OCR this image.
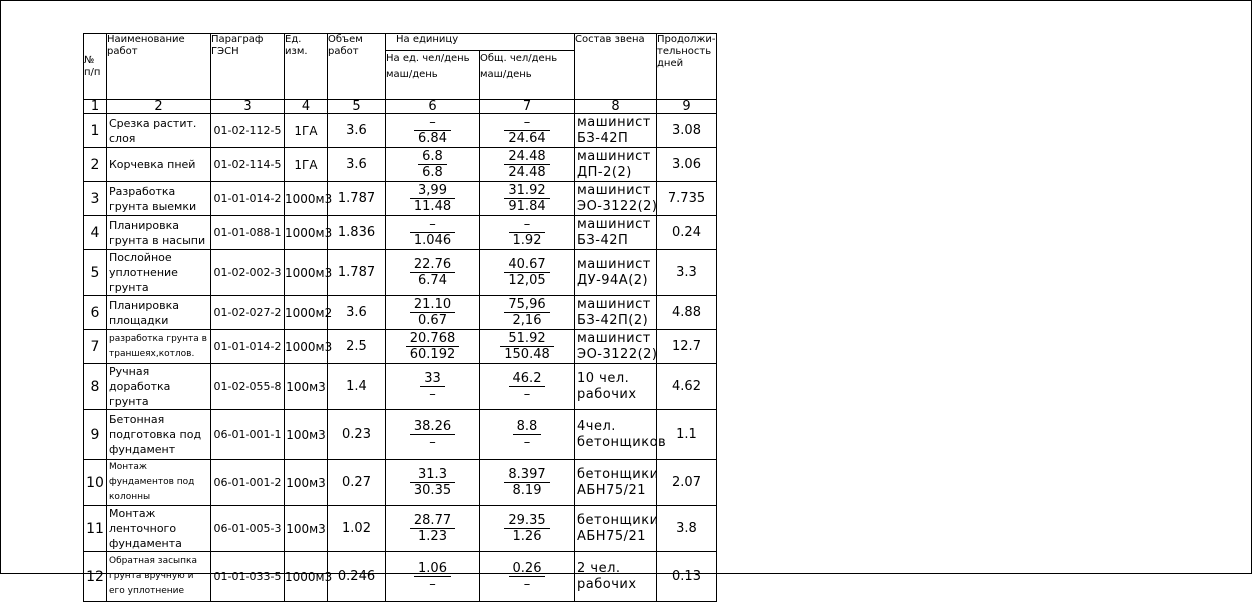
№ п/п	Наименование работ	Параграф ГЭСН	Ед. изм.	Объем работ	На единицу		Состав звена	Продолжи-тельность дней
					На ед. чел/день маш/день	Общ. чел/день маш/день		
1	2	3	4	5	6	7	8	9
1	Срезка растит. слоя	01-02-112-5	1ГА	3.6	$\frac{-}{6.84}$	$\frac{-}{24.64}$	машинист БЗ-42П	3.08
2	Корчевка пней	01-02-114-5	1ГА	3.6	$\frac{6.8}{6.8}$	$\frac{24.48}{24.48}$	машинист ДП-2(2)	3.06
3	Разработка грунта выемки	01-01-014-2	1000м3	1.787	$\frac{3,99}{11.48}$	$\frac{31.92}{91.84}$	машинист ЭО-3122(2)	7.735
4	Планировка грунта в насыпи	01-01-088-1	1000м3	1.836	$\frac{-}{1.046}$	$\frac{-}{1.92}$	машинист БЗ-42П	0.24
5	Послойное уплотнение грунта	01-02-002-3	1000м3	1.787	$\frac{22.76}{6.74}$	$\frac{40.67}{12,05}$	машинист ДУ-94А(2)	3.3
6	Планировка площадки	01-02-027-2	1000м2	3.6	$\frac{21.10}{0.67}$	$\frac{75,96}{2,16}$	машинист БЗ-42П(2)	4.88
7	разработка грунта в траншеях,котлов.	01-01-014-2	1000м3	2.5	$\frac{20.768}{60.192}$	$\frac{51.92}{150.48}$	машинист ЭО-3122(2)	12.7
8	Ручная доработка грунта	01-02-055-8	100м3	1.4	$\frac{33}{-}$	$\frac{46.2}{-}$	10 чел. рабочих	4.62
9	Бетонная подготовка под фундамент	06-01-001-1	100м3	0.23	$\frac{38.26}{-}$	$\frac{8.8}{-}$	4чел. бетонщиков	1.1
10	Монтаж фундаментов под колонны	06-01-001-2	100м3	0.27	$\frac{31.3}{30.35}$	$\frac{8.397}{8.19}$	бетонщики АБН75/21	2.07
11	Монтаж ленточного фундамента	06-01-005-3	100м3	1.02	$\frac{28.77}{1.23}$	$\frac{29.35}{1.26}$	бетонщики АБН75/21	3.8
12	Обратная засыпка грунта вручную и его уплотнение	01-01-033-5	1000м3	0.246	$\frac{1.06}{-}$	$\frac{0.26}{-}$	2 чел. рабочих	0.13
